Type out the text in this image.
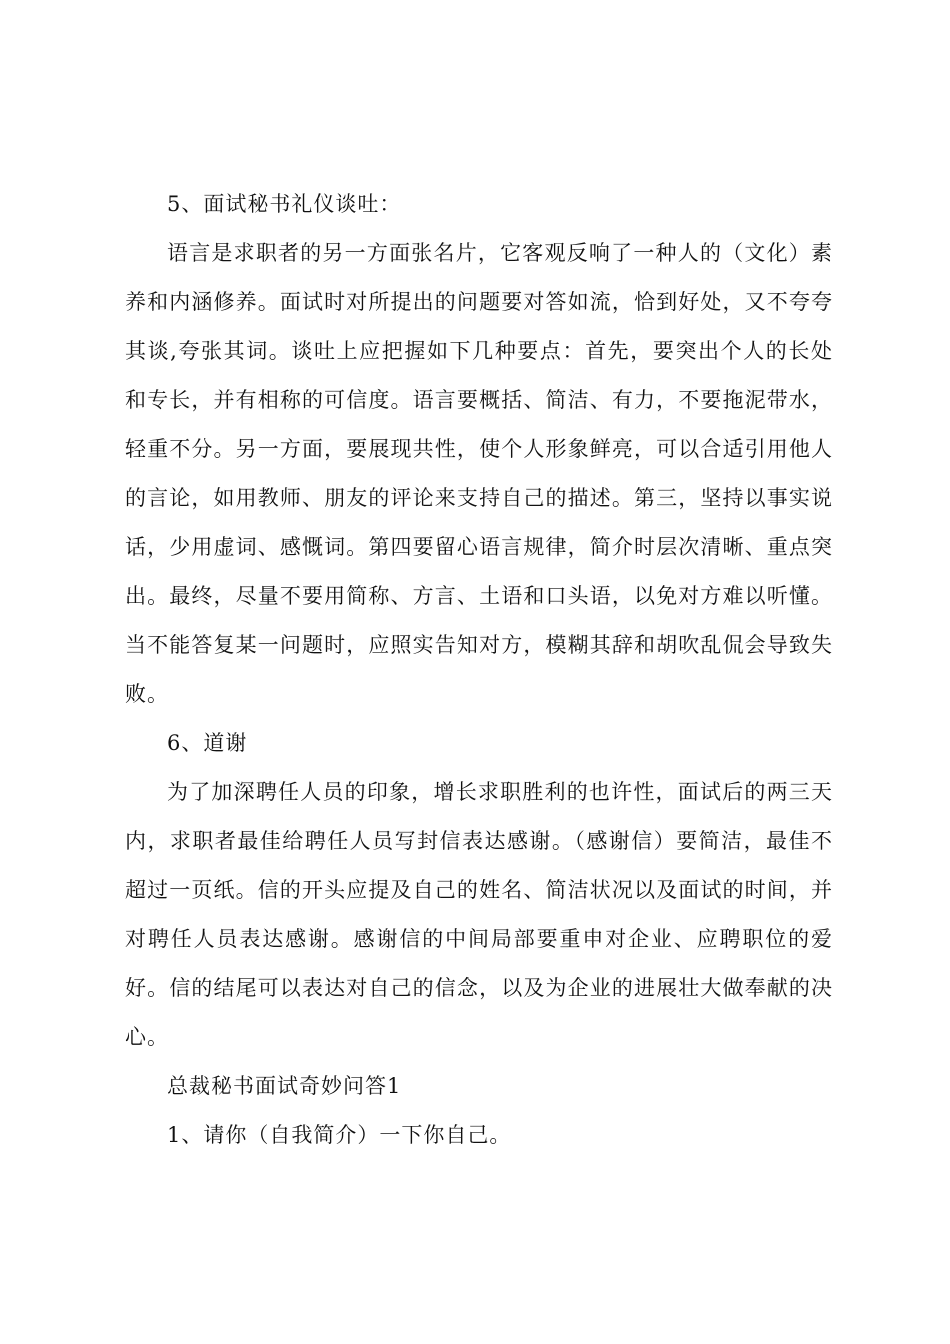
5、面试秘书礼仪谈吐：

语言是求职者的另一方面张名片，它客观反响了一种人的（文化）素养和内涵修养。面试时对所提出的问题要对答如流，恰到好处，又不夸夸其谈,夸张其词。谈吐上应把握如下几种要点：首先，要突出个人的长处和专长，并有相称的可信度。语言要概括、简洁、有力，不要拖泥带水，轻重不分。另一方面，要展现共性，使个人形象鲜亮，可以合适引用他人的言论，如用教师、朋友的评论来支持自己的描述。第三，坚持以事实说话，少用虚词、感慨词。第四要留心语言规律，简介时层次清晰、重点突出。最终，尽量不要用简称、方言、土语和口头语，以免对方难以听懂。当不能答复某一问题时，应照实告知对方，模糊其辞和胡吹乱侃会导致失败。

6、道谢

为了加深聘任人员的印象，增长求职胜利的也许性，面试后的两三天内，求职者最佳给聘任人员写封信表达感谢。（感谢信）要简洁，最佳不超过一页纸。信的开头应提及自己的姓名、简洁状况以及面试的时间，并对聘任人员表达感谢。感谢信的中间局部要重申对企业、应聘职位的爱好。信的结尾可以表达对自己的信念，以及为企业的进展壮大做奉献的决心。

总裁秘书面试奇妙问答1

1、请你（自我简介）一下你自己。
